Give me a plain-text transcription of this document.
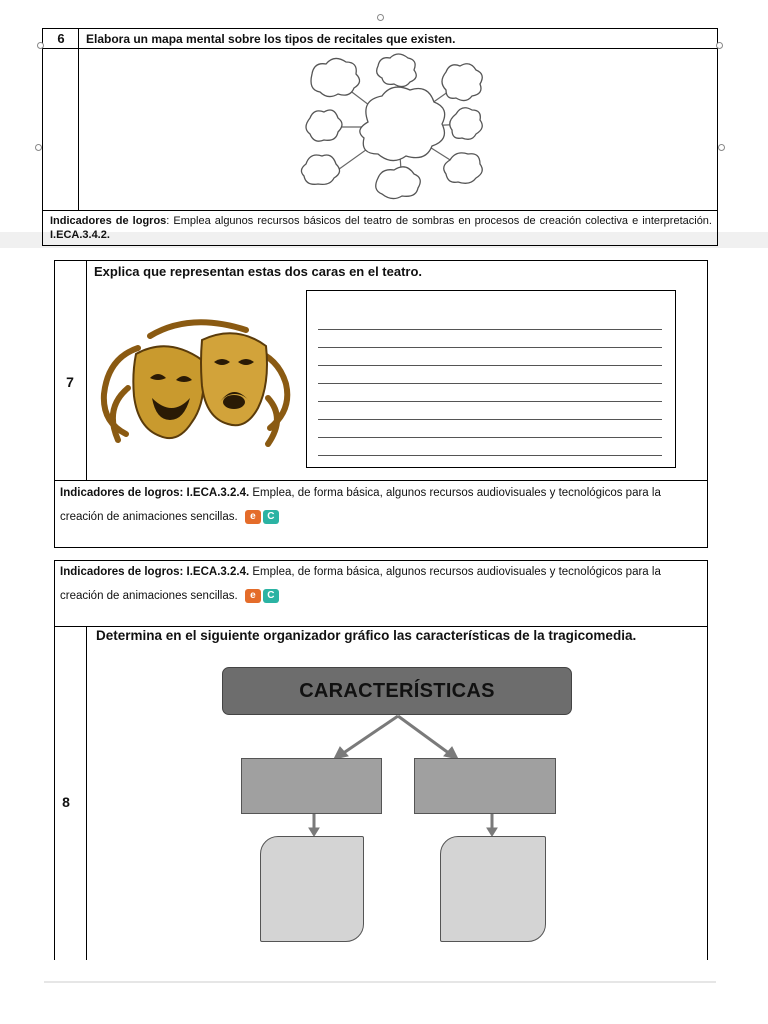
6	Elabora un mapa mental sobre los tipos de recitales que existen.
Indicadores de logros: Emplea algunos recursos básicos del teatro de sombras en procesos de creación colectiva e interpretación. I.ECA.3.4.2.
7
Explica que representan estas dos caras en el teatro.
Indicadores de logros: I.ECA.3.2.4. Emplea, de forma básica, algunos recursos audiovisuales y tecnológicos para la creación de animaciones sencillas. e C
Indicadores de logros: I.ECA.3.2.4. Emplea, de forma básica, algunos recursos audiovisuales y tecnológicos para la creación de animaciones sencillas. e C
8
Determina en el siguiente organizador gráfico las características de la tragicomedia.
CARACTERÍSTICAS
